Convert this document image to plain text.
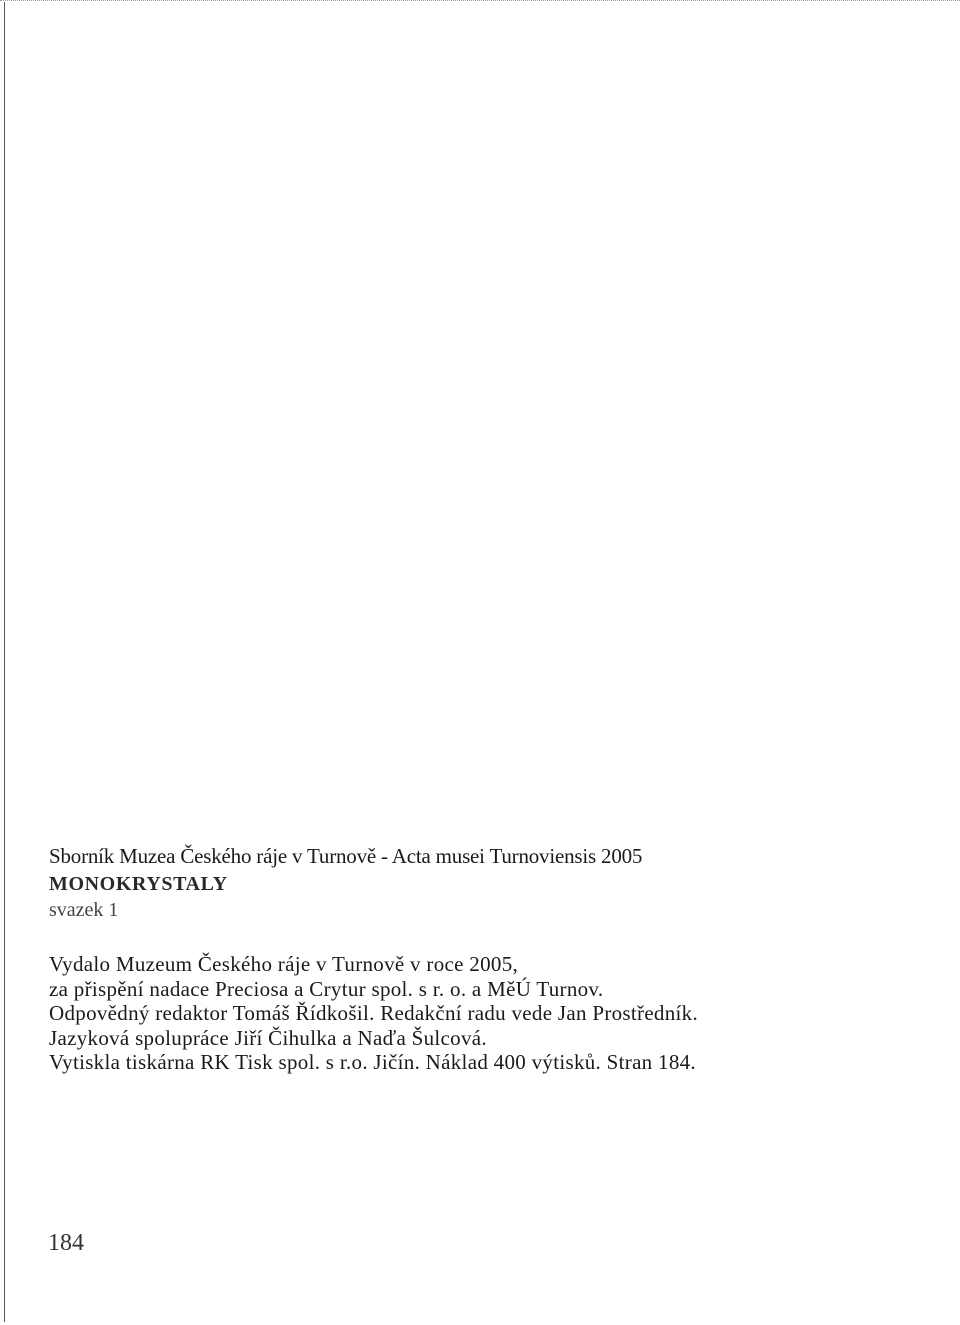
Sborník Muzea Českého ráje v Turnově - Acta musei Turnoviensis 2005
MONOKRYSTALY
svazek 1
Vydalo Muzeum Českého ráje v Turnově v roce 2005,
za přispění nadace Preciosa a Crytur spol. s r. o. a MěÚ Turnov.
Odpovědný redaktor Tomáš Řídkošil. Redakční radu vede Jan Prostředník.
Jazyková spolupráce Jiří Čihulka a Naďa Šulcová.
Vytiskla tiskárna RK Tisk spol. s r.o. Jičín. Náklad 400 výtisků. Stran 184.
184
